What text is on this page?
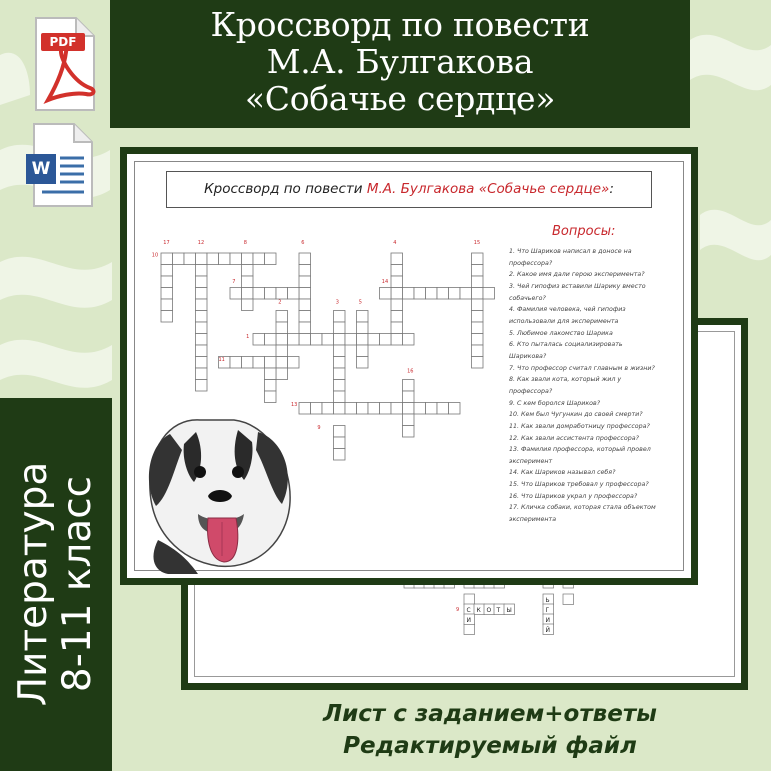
Кроссворд по повести
М.А. Булгакова
«Собачье сердце»
PDF
W
С К О Т Ы
Ь
Г
И
Й
И
9
Кроссворд по повести М.А. Булгакова «Собачье сердце»:
17	12	8
10
6	4	15
7	14
5
2	3
1
11
16
13
9
Вопросы:
1. Что Шариков написал в доносе на профессора?
2. Какое имя дали герою эксперимента?
3. Чей гипофиз вставили Шарику вместо собачьего?
4. Фамилия человека, чей гипофиз использовали для эксперимента
5. Любимое лакомство Шарика
6. Кто пыталась социализировать Шарикова?
7. Что профессор считал главным в жизни?
8. Как звали кота, который жил у профессора?
9. С кем боролся Шариков?
10. Кем был Чугункин до своей смерти?
11. Как звали домработницу профессора?
12. Как звали ассистента профессора?
13. Фамилия профессора, который провел эксперимент
14. Как Шариков называл себя?
15. Что Шариков требовал у профессора?
16. Что Шариков украл у профессора?
17. Кличка собаки, которая стала объектом эксперимента
Литература 8-11 класс
Лист с заданием+ответы
Редактируемый файл
